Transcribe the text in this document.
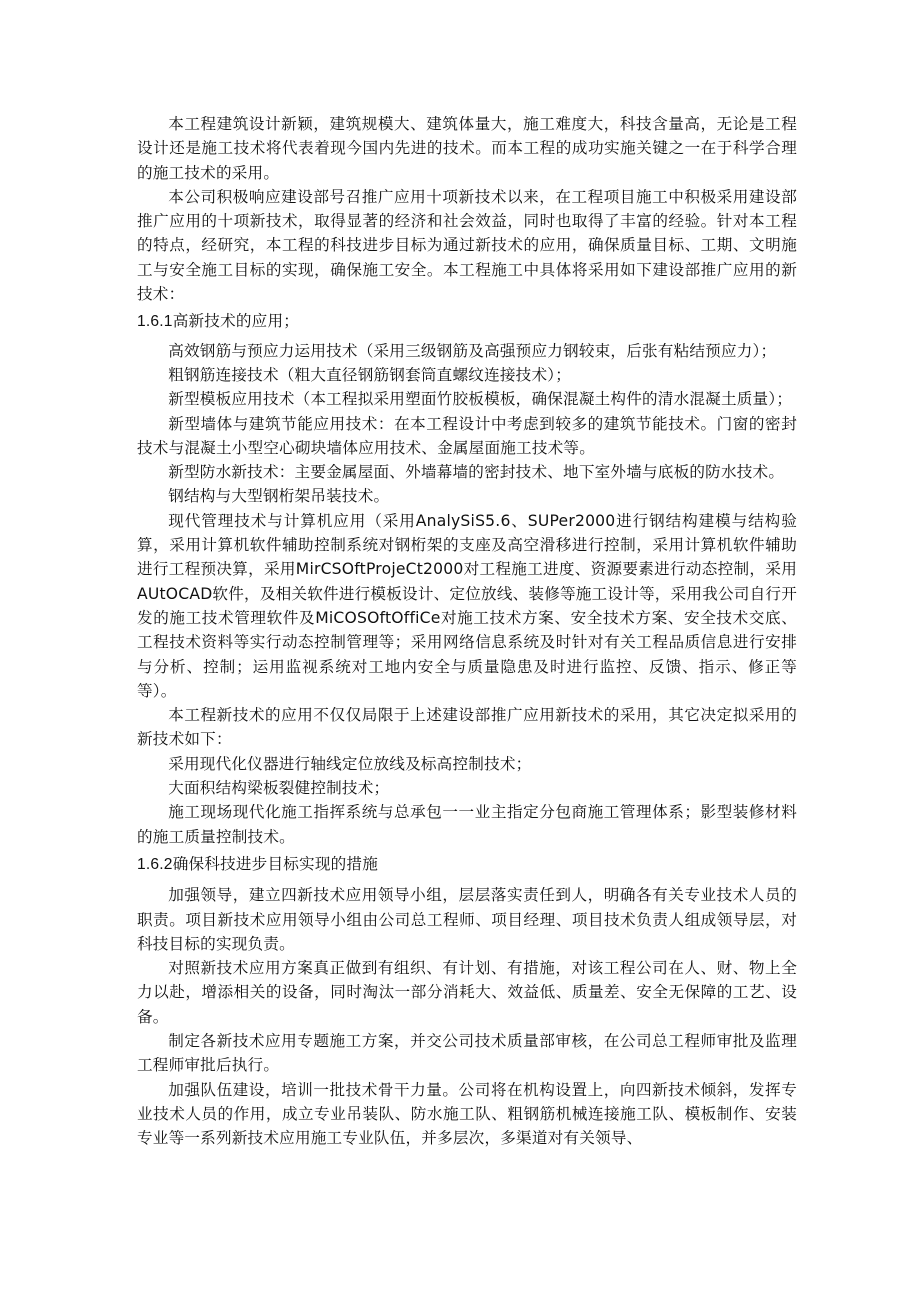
本工程建筑设计新颖，建筑规模大、建筑体量大，施工难度大，科技含量高，无论是工程设计还是施工技术将代表着现今国内先进的技术。而本工程的成功实施关键之一在于科学合理的施工技术的采用。

本公司积极响应建设部号召推广应用十项新技术以来，在工程项目施工中积极采用建设部推广应用的十项新技术，取得显著的经济和社会效益，同时也取得了丰富的经验。针对本工程的特点，经研究，本工程的科技进步目标为通过新技术的应用，确保质量目标、工期、文明施工与安全施工目标的实现，确保施工安全。本工程施工中具体将采用如下建设部推广应用的新技术：

1.6.1高新技术的应用；

高效钢筋与预应力运用技术（采用三级钢筋及高强预应力钢较束，后张有粘结预应力）；

粗钢筋连接技术（粗大直径钢筋钢套筒直螺纹连接技术）；

新型模板应用技术（本工程拟采用塑面竹胶板模板，确保混凝土构件的清水混凝土质量）；

新型墙体与建筑节能应用技术：在本工程设计中考虑到较多的建筑节能技术。门窗的密封技术与混凝土小型空心砌块墙体应用技术、金属屋面施工技术等。

新型防水新技术：主要金属屋面、外墙幕墙的密封技术、地下室外墙与底板的防水技术。

钢结构与大型钢桁架吊装技术。

现代管理技术与计算机应用（采用AnalySiS5.6、SUPer2000进行钢结构建模与结构验算，采用计算机软件辅助控制系统对钢桁架的支座及高空滑移进行控制，采用计算机软件辅助进行工程预决算，采用MirCSOftProjeCt2000对工程施工进度、资源要素进行动态控制，采用AUtOCAD软件，及相关软件进行模板设计、定位放线、装修等施工设计等，采用我公司自行开发的施工技术管理软件及MiCOSOftOffiCe对施工技术方案、安全技术方案、安全技术交底、工程技术资料等实行动态控制管理等；采用网络信息系统及时针对有关工程品质信息进行安排与分析、控制；运用监视系统对工地内安全与质量隐患及时进行监控、反馈、指示、修正等等）。

本工程新技术的应用不仅仅局限于上述建设部推广应用新技术的采用，其它决定拟采用的新技术如下：

采用现代化仪器进行轴线定位放线及标高控制技术；

大面积结构梁板裂健控制技术；

施工现场现代化施工指挥系统与总承包一一业主指定分包商施工管理体系；影型装修材料的施工质量控制技术。

1.6.2确保科技进步目标实现的措施

加强领导，建立四新技术应用领导小组，层层落实责任到人，明确各有关专业技术人员的职责。项目新技术应用领导小组由公司总工程师、项目经理、项目技术负责人组成领导层，对科技目标的实现负责。

对照新技术应用方案真正做到有组织、有计划、有措施，对该工程公司在人、财、物上全力以赴，增添相关的设备，同时淘汰一部分消耗大、效益低、质量差、安全无保障的工艺、设备。

制定各新技术应用专题施工方案，并交公司技术质量部审核，在公司总工程师审批及监理工程师审批后执行。

加强队伍建设，培训一批技术骨干力量。公司将在机构设置上，向四新技术倾斜，发挥专业技术人员的作用，成立专业吊装队、防水施工队、粗钢筋机械连接施工队、模板制作、安装专业等一系列新技术应用施工专业队伍，并多层次，多渠道对有关领导、
